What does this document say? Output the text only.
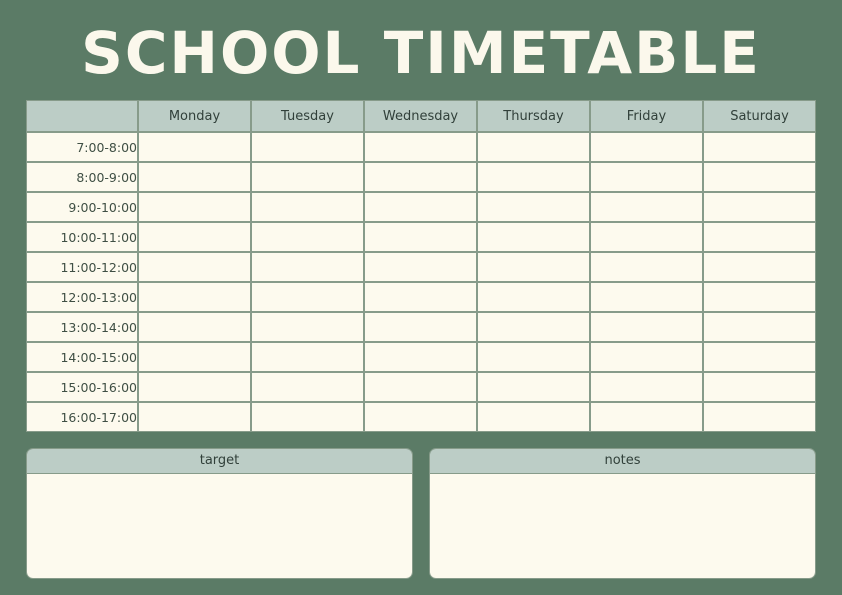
SCHOOL TIMETABLE
	Monday	Tuesday	Wednesday	Thursday	Friday	Saturday
7:00-8:00						
8:00-9:00						
9:00-10:00						
10:00-11:00						
11:00-12:00						
12:00-13:00						
13:00-14:00						
14:00-15:00						
15:00-16:00						
16:00-17:00						
target	notes
